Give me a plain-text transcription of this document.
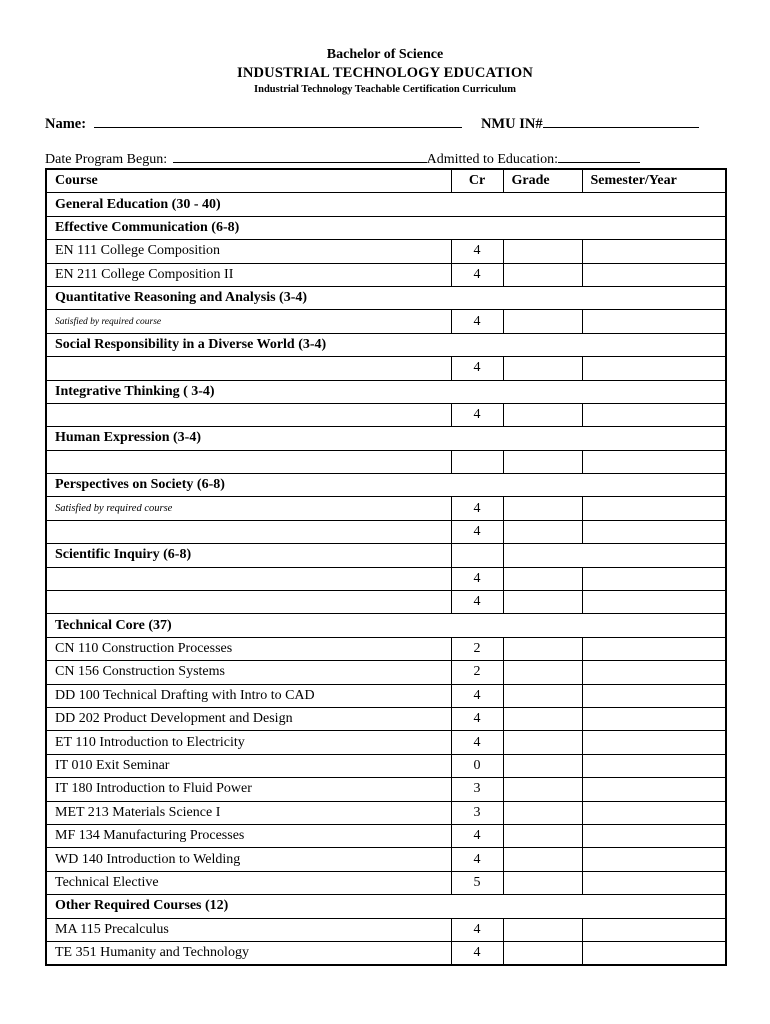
Bachelor of Science
INDUSTRIAL TECHNOLOGY EDUCATION
Industrial Technology Teachable Certification Curriculum
Name:	NMU IN#
Date Program Begun:	Admitted to Education:
Course	Cr	Grade	Semester/Year
General Education (30 - 40)			
Effective Communication (6-8)			
EN 111 College Composition	4		
EN 211 College Composition II	4		
Quantitative Reasoning and Analysis (3-4)			
Satisfied by required course	4		
Social Responsibility in a Diverse World (3-4)			
	4		
Integrative Thinking ( 3-4)			
	4		
Human Expression (3-4)			

Perspectives on Society (6-8)			
Satisfied by required course	4		
	4		
Scientific Inquiry (6-8)			
	4		
	4		
Technical Core (37)			
CN 110 Construction Processes	2		
CN 156 Construction Systems	2		
DD 100 Technical Drafting with Intro to CAD	4		
DD 202 Product Development and Design	4		
ET 110 Introduction to Electricity	4		
IT 010 Exit Seminar	0		
IT 180 Introduction to Fluid Power	3		
MET 213 Materials Science I	3		
MF 134 Manufacturing Processes	4		
WD 140 Introduction to Welding	4		
Technical Elective	5		
Other Required Courses (12)			
MA 115 Precalculus	4		
TE 351 Humanity and Technology	4		
